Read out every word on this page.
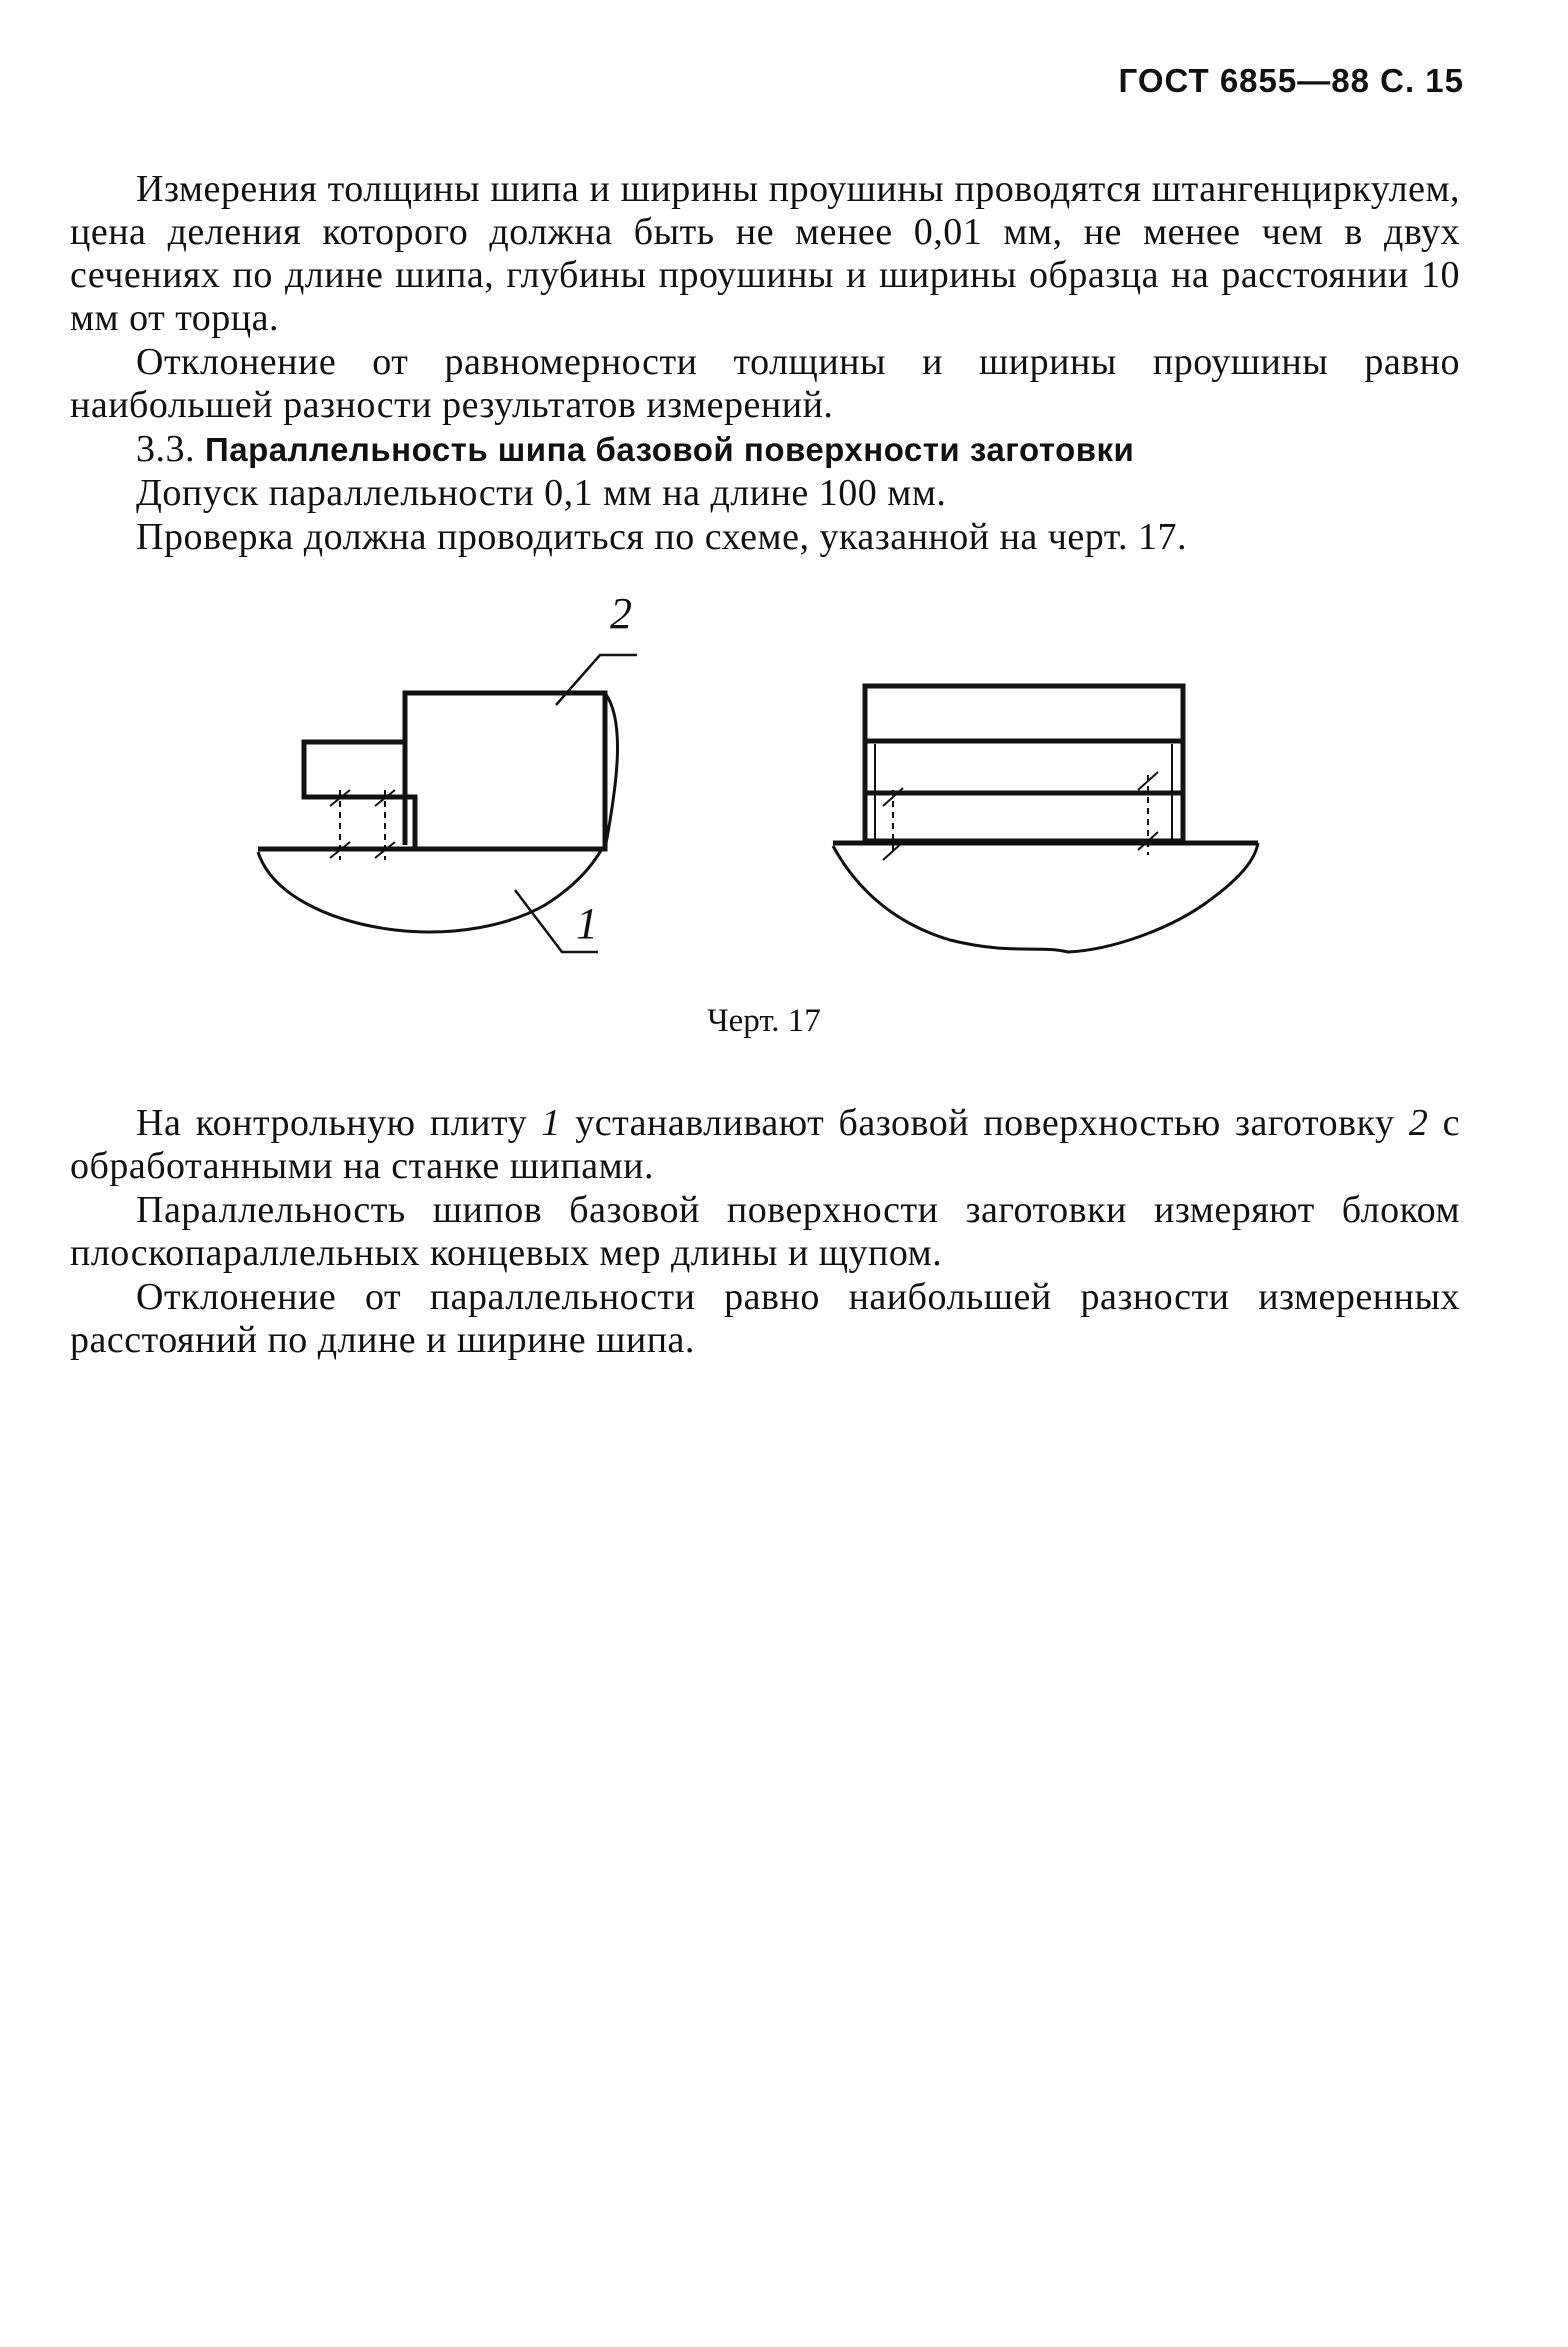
ГОСТ 6855—88 С. 15

Измерения толщины шипа и ширины проушины проводятся штангенциркулем, цена деления которого должна быть не менее 0,01 мм, не менее чем в двух сечениях по длине шипа, глубины проушины и ширины образца на расстоянии 10 мм от торца.

Отклонение от равномерности толщины и ширины проушины равно наибольшей разности результатов измерений.

3.3. Параллельность шипа базовой поверхности заготовки

Допуск параллельности 0,1 мм на длине 100 мм.

Проверка должна проводиться по схеме, указанной на черт. 17.

2
1
Черт. 17

На контрольную плиту 1 устанавливают базовой поверхностью заготовку 2 с обработанными на станке шипами.

Параллельность шипов базовой поверхности заготовки измеряют блоком плоскопараллельных концевых мер длины и щупом.

Отклонение от параллельности равно наибольшей разности измеренных расстояний по длине и ширине шипа.
